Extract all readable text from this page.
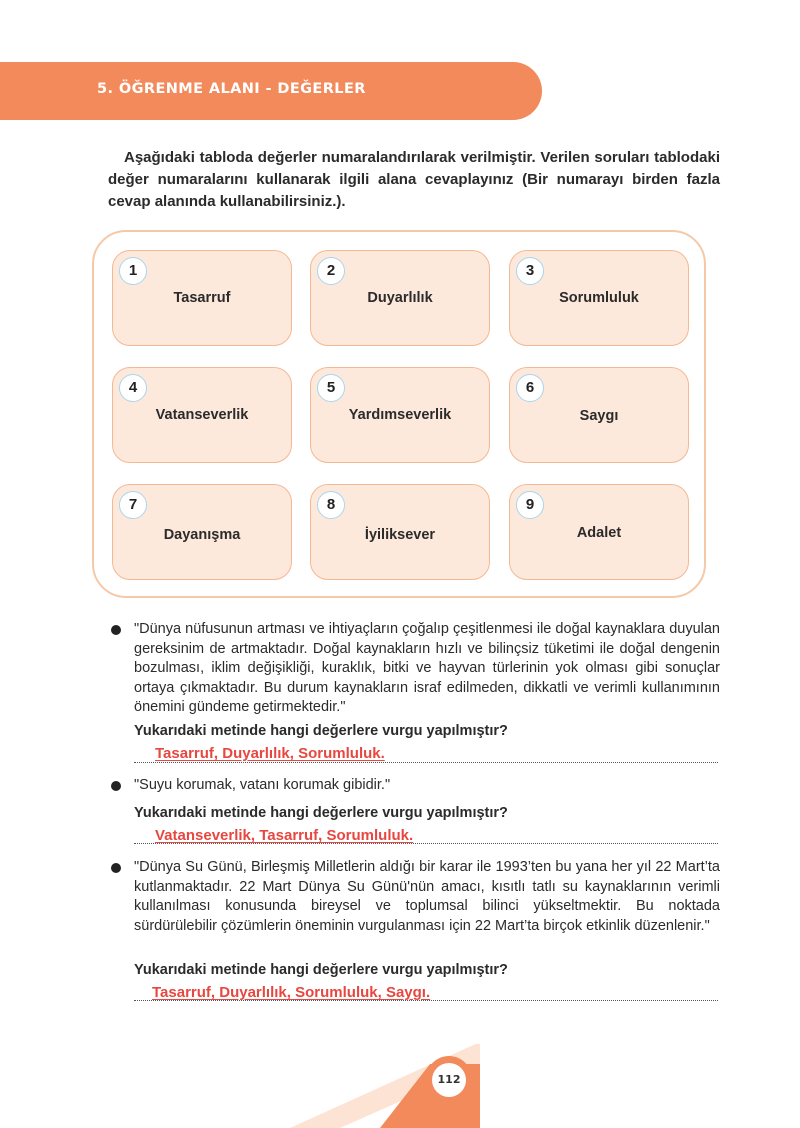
5. ÖĞRENME ALANI - DEĞERLER
Aşağıdaki tabloda değerler numaralandırılarak verilmiştir. Verilen soruları tablodaki değer numaralarını kullanarak ilgili alana cevaplayınız (Bir numarayı birden fazla cevap alanında kullanabilirsiniz.).
1
Tasarruf
2
Duyarlılık
3
Sorumluluk
4
Vatanseverlik
5
Yardımseverlik
6
Saygı
7
Dayanışma
8
İyiliksever
9
Adalet
"Dünya nüfusunun artması ve ihtiyaçların çoğalıp çeşitlenmesi ile doğal kaynaklara duyulan gereksinim de artmaktadır. Doğal kaynakların hızlı ve bilinçsiz tüketimi ile doğal dengenin bozulması, iklim değişikliği, kuraklık, bitki ve hayvan türlerinin yok olması gibi sonuçlar ortaya çıkmaktadır. Bu durum kaynakların israf edilmeden, dikkatli ve verimli kullanımının önemini gündeme getirmektedir."
Yukarıdaki metinde hangi değerlere vurgu yapılmıştır?
Tasarruf, Duyarlılık, Sorumluluk.
"Suyu korumak, vatanı korumak gibidir."
Yukarıdaki metinde hangi değerlere vurgu yapılmıştır?
Vatanseverlik, Tasarruf, Sorumluluk.
"Dünya Su Günü, Birleşmiş Milletlerin aldığı bir karar ile 1993’ten bu yana her yıl 22 Mart’ta kutlanmaktadır. 22 Mart Dünya Su Günü'nün amacı, kısıtlı tatlı su kaynaklarının verimli kullanılması konusunda bireysel ve toplumsal bilinci yükseltmektir. Bu noktada sürdürülebilir çözümlerin öneminin vurgulanması için 22 Mart’ta birçok etkinlik düzenlenir."
Yukarıdaki metinde hangi değerlere vurgu yapılmıştır?
Tasarruf, Duyarlılık, Sorumluluk, Saygı.
112
